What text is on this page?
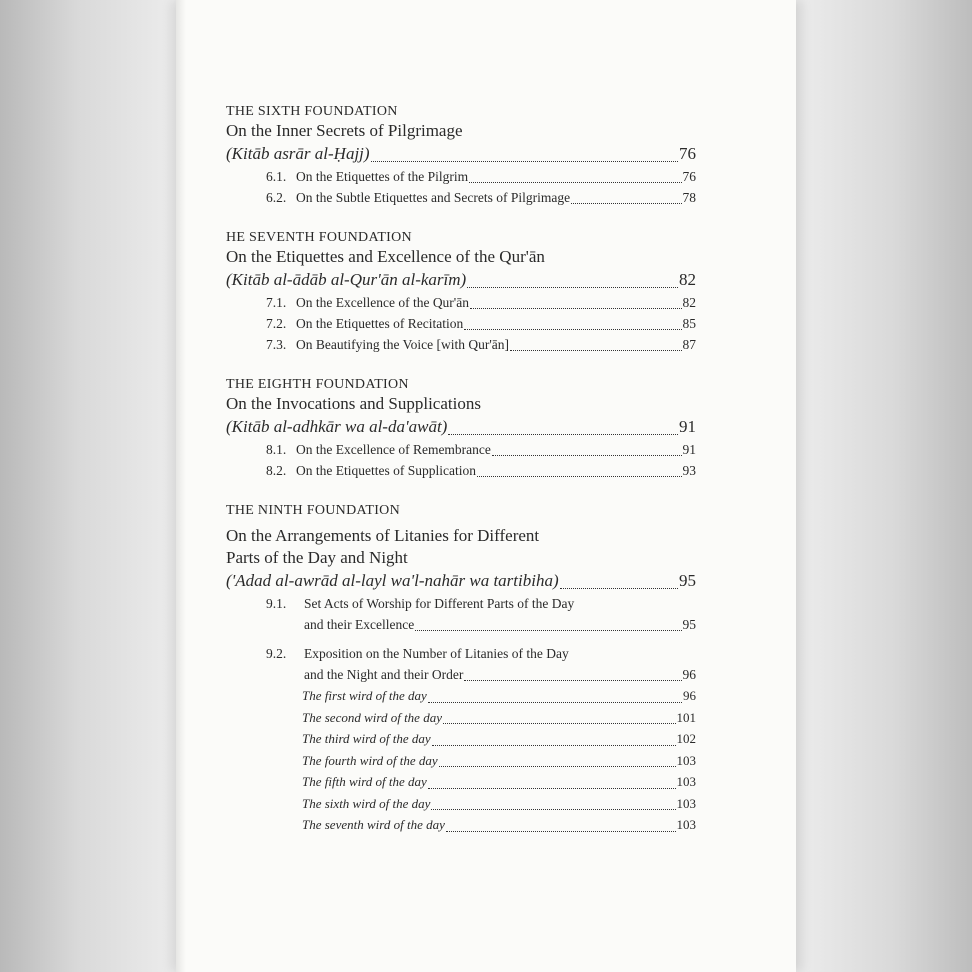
THE SIXTH FOUNDATION
On the Inner Secrets of Pilgrimage
(Kitāb asrār al-Ḥajj)	76
6.1. On the Etiquettes of the Pilgrim	76
6.2. On the Subtle Etiquettes and Secrets of Pilgrimage	78
HE SEVENTH FOUNDATION
On the Etiquettes and Excellence of the Qur'ān
(Kitāb al-ādāb al-Qur'ān al-karīm)	82
7.1. On the Excellence of the Qur'ān	82
7.2. On the Etiquettes of Recitation	85
7.3. On Beautifying the Voice [with Qur'ān]	87
THE EIGHTH FOUNDATION
On the Invocations and Supplications
(Kitāb al-adhkār wa al-da'awāt)	91
8.1. On the Excellence of Remembrance	91
8.2. On the Etiquettes of Supplication	93
THE NINTH FOUNDATION
On the Arrangements of Litanies for Different
Parts of the Day and Night
('Adad al-awrād al-layl wa'l-nahār wa tartibiha)	95
9.1. Set Acts of Worship for Different Parts of the Day
and their Excellence	95
9.2. Exposition on the Number of Litanies of the Day
and the Night and their Order	96
The first wird of the day	96
The second wird of the day	101
The third wird of the day	102
The fourth wird of the day	103
The fifth wird of the day	103
The sixth wird of the day	103
The seventh wird of the day	103
